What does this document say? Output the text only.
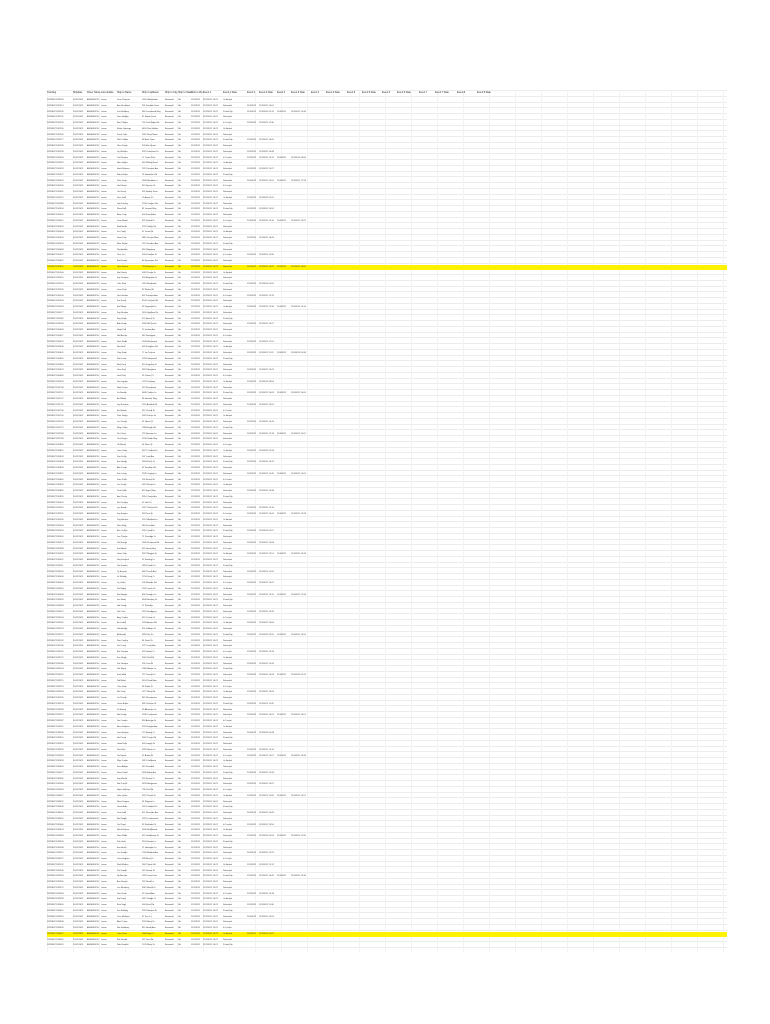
Tracking	Shipdate	Driver Name Last update	Ship to Name	Ship to Address	Ship to City Ship to State Ship to Zip Event 1	Event 1 Date	Event 2	Event 2 Date	Event 3	Event 3 Date	Event 4	Event 4 Date	Event 5	Event 5 Date	Event 6	Event 6 Date	Event 7	Event 7 Date	Event 8	Event 8 Date
1Z8V8977031209	10/12/2021	ANDERSON	Losan	Jane Prescott	1520 Hillside Ave	Bramwell	LA	11/2/2021	11/2/2021 10:22	Oc Arrival
1Z8V8977031214	10/12/2021	ANDERSON	Losan	Ann Buckland	221 Sundale Drive	Bramwell	LA	11/2/2021	11/2/2021 10:22	Delivered	11/3/2021	11/3/2021 14:01
1Z8V8977031226	10/12/2021	ANDERSON	Losan	Lois Bellamy	984 Crestwood Way	Bramwell	LA	11/2/2021	11/2/2021 10:22	Picked Up	11/3/2021	11/3/2021 09:15	11/4/2021	11/4/2021 12:40
1Z8V8977031231	10/12/2021	ANDERSON	Losan	Dora Hadley	31 Maple Court	Bramwell	LA	11/2/2021	11/2/2021 10:22	Delivered
1Z8V8977031245	10/12/2021	ANDERSON	Losan	Ben Tillman	702 Oak Ridge Rd	Bramwell	LA	11/2/2021	11/2/2021 10:22	In Transit	11/3/2021	11/3/2021 11:30
1Z8V8977031250	10/12/2021	ANDERSON	Losan	Marla Jennings	4450 Pine Hollow	Bramwell	LA	11/2/2021	11/2/2021 10:22	Oc Arrival
1Z8V8977031262	10/12/2021	ANDERSON	Losan	Frank Osei	1187 River Bend	Bramwell	LA	11/2/2021	11/2/2021 10:22	Delivered
1Z8V8977031277	10/12/2021	ANDERSON	Losan	Ruth Calder	68 Birch Lane	Bramwell	LA	11/2/2021	11/2/2021 10:22	Picked Up	11/3/2021	11/3/2021 16:05
1Z8V8977031283	10/12/2021	ANDERSON	Losan	Glen Pardo	905 Elm Street	Bramwell	LA	11/2/2021	11/2/2021 10:22	Delivered
1Z8V8977031298	10/12/2021	ANDERSON	Losan	Ivy Watkins	3322 Lakeview Dr	Bramwell	LA	11/2/2021	11/2/2021 10:22	Delivered	11/3/2021	11/3/2021 10:48
1Z8V8977031304	10/12/2021	ANDERSON	Losan	Carl Benton	17 Cedar Path	Bramwell	LA	11/2/2021	11/2/2021 10:22	In Transit	11/3/2021	11/3/2021 13:12	11/4/2021	11/4/2021 08:50
1Z8V8977031318	10/12/2021	ANDERSON	Losan	Nora Sykes	560 Willow Bend	Bramwell	LA	11/2/2021	11/2/2021 10:22	Oc Arrival
1Z8V8977031323	10/12/2021	ANDERSON	Losan	Hank Moreau	2291 Summit Ave	Bramwell	LA	11/2/2021	11/2/2021 10:22	Delivered	11/3/2021	11/3/2021 15:27
1Z8V8977031337	10/12/2021	ANDERSON	Losan	Edna Rowe	74 Hawthorn Rd	Bramwell	LA	11/2/2021	11/2/2021 10:22	Picked Up
1Z8V8977031342	10/12/2021	ANDERSON	Losan	Pete Lang	1840 Meadow Ln	Bramwell	LA	11/2/2021	11/2/2021 10:22	Delivered	11/3/2021	11/3/2021 12:02	11/4/2021	11/4/2021 17:33
1Z8V8977031356	10/12/2021	ANDERSON	Losan	Gail Norris	413 Spruce St	Bramwell	LA	11/2/2021	11/2/2021 10:22	In Transit
1Z8V8977031361	10/12/2021	ANDERSON	Losan	Otis Fenn	992 Harbor View	Bramwell	LA	11/2/2021	11/2/2021 10:22	Delivered
1Z8V8977031375	10/12/2021	ANDERSON	Losan	Vera Quill	15 Aspen Ct	Bramwell	LA	11/2/2021	11/2/2021 10:22	Oc Arrival	11/3/2021	11/3/2021 09:41
1Z8V8977031380	10/12/2021	ANDERSON	Losan	Lyle Dorsey	2700 Canyon Rd	Bramwell	LA	11/2/2021	11/2/2021 10:22	Delivered
1Z8V8977031394	10/12/2021	ANDERSON	Losan	Rosa Bell	81 Juniper Way	Bramwell	LA	11/2/2021	11/2/2021 10:22	Picked Up	11/3/2021	11/3/2021 14:55
1Z8V8977031401	10/12/2021	ANDERSON	Losan	Alan Crisp	604 Forest Ave	Bramwell	LA	11/2/2021	11/2/2021 10:22	Delivered
1Z8V8977031415	10/12/2021	ANDERSON	Losan	June Marsh	339 Poplar Dr	Bramwell	LA	11/2/2021	11/2/2021 10:22	In Transit	11/3/2021	11/3/2021 10:10	11/4/2021	11/4/2021 13:22
1Z8V8977031420	10/12/2021	ANDERSON	Losan	Walt Hinds	1255 Valley Rd	Bramwell	LA	11/2/2021	11/2/2021 10:22	Delivered
1Z8V8977031434	10/12/2021	ANDERSON	Losan	Iris Coyle	47 Laurel St	Bramwell	LA	11/2/2021	11/2/2021 10:22	Oc Arrival
1Z8V8977031449	10/12/2021	ANDERSON	Losan	Dean Parr	3810 Sunset Blvd	Bramwell	LA	11/2/2021	11/2/2021 10:22	Delivered	11/3/2021	11/3/2021 16:44
1Z8V8977031453	10/12/2021	ANDERSON	Losan	Mae Tolson	129 Chestnut Ave	Bramwell	LA	11/2/2021	11/2/2021 10:22	Picked Up
1Z8V8977031468	10/12/2021	ANDERSON	Losan	Roy Ambler	850 Ridgeway	Bramwell	LA	11/2/2021	11/2/2021 10:22	Delivered
1Z8V8977031472	10/12/2021	ANDERSON	Losan	Tess Orr	2034 Garden St	Bramwell	LA	11/2/2021	11/2/2021 10:22	In Transit	11/3/2021	11/3/2021 11:58
1Z8V8977031487	10/12/2021	ANDERSON	Losan	Bud Keane	66 Sycamore Rd	Bramwell	LA	11/2/2021	11/2/2021 10:22	Delivered
1Z8V8977031491	10/12/2021	ANDERSON	Losan	Opal Dunne	718 Hickory Ln	Bramwell	LA	11/2/2021	11/2/2021 10:22	Delivered	11/3/2021	11/3/2021 13:47	11/4/2021	11/4/2021 10:05
1Z8V8977031506	10/12/2021	ANDERSON	Losan	Neil Vance	4092 Prairie Dr	Bramwell	LA	11/2/2021	11/2/2021 10:22	Oc Arrival
1Z8V8977031510	10/12/2021	ANDERSON	Losan	Fay Gorman	233 Magnolia Ct	Bramwell	LA	11/2/2021	11/2/2021 10:22	Delivered
1Z8V8977031525	10/12/2021	ANDERSON	Losan	Cole Ruiz	1561 Brookside	Bramwell	LA	11/2/2021	11/2/2021 10:22	Picked Up	11/3/2021	11/3/2021 09:02
1Z8V8977031539	10/12/2021	ANDERSON	Losan	Lena Pratt	92 Walnut St	Bramwell	LA	11/2/2021	11/2/2021 10:22	Delivered
1Z8V8977031544	10/12/2021	ANDERSON	Losan	Gus Harlow	807 Fairview Ave	Bramwell	LA	11/2/2021	11/2/2021 10:22	In Transit	11/3/2021	11/3/2021 15:19
1Z8V8977031558	10/12/2021	ANDERSON	Losan	Zoe Faulk	3146 Orchard Rd	Bramwell	LA	11/2/2021	11/2/2021 10:22	Delivered
1Z8V8977031563	10/12/2021	ANDERSON	Losan	Earl Mays	58 Dogwood Ln	Bramwell	LA	11/2/2021	11/2/2021 10:22	Oc Arrival	11/3/2021	11/3/2021 12:36	11/4/2021	11/4/2021 14:14
1Z8V8977031577	10/12/2021	ANDERSON	Losan	Kay Bristow	1420 Highland Dr	Bramwell	LA	11/2/2021	11/2/2021 10:22	Delivered
1Z8V8977031582	10/12/2021	ANDERSON	Losan	Ray Sutter	275 Beech St	Bramwell	LA	11/2/2021	11/2/2021 10:22	Picked Up
1Z8V8977031596	10/12/2021	ANDERSON	Losan	Ada Kemp	3390 Mill Creek	Bramwell	LA	11/2/2021	11/2/2021 10:22	Delivered	11/3/2021	11/3/2021 10:27
1Z8V8977031603	10/12/2021	ANDERSON	Losan	Hugh Pell	19 Linden Ave	Bramwell	LA	11/2/2021	11/2/2021 10:22	Delivered
1Z8V8977031617	10/12/2021	ANDERSON	Losan	Nell Archer	942 Stonegate	Bramwell	LA	11/2/2021	11/2/2021 10:22	In Transit
1Z8V8977031622	10/12/2021	ANDERSON	Losan	Seth Rudd	2188 Westwood	Bramwell	LA	11/2/2021	11/2/2021 10:22	Delivered	11/3/2021	11/3/2021 17:01
1Z8V8977031636	10/12/2021	ANDERSON	Losan	Bea Holt	605 Foxglove Rd	Bramwell	LA	11/2/2021	11/2/2021 10:22	Oc Arrival
1Z8V8977031641	10/12/2021	ANDERSON	Losan	Clay Nunn	77 Ivy Terrace	Bramwell	LA	11/2/2021	11/2/2021 10:22	Delivered	11/3/2021	11/3/2021 11:11	11/4/2021	11/4/2021 09:38
1Z8V8977031655	10/12/2021	ANDERSON	Losan	Rita Lowe	1333 Glenwood	Bramwell	LA	11/2/2021	11/2/2021 10:22	Picked Up
1Z8V8977031660	10/12/2021	ANDERSON	Losan	Max Dorn	410 Kingsley St	Bramwell	LA	11/2/2021	11/2/2021 10:22	Delivered
1Z8V8977031674	10/12/2021	ANDERSON	Losan	Uma Fisk	2870 Bayshore	Bramwell	LA	11/2/2021	11/2/2021 10:22	Delivered	11/3/2021	11/3/2021 14:29
1Z8V8977031689	10/12/2021	ANDERSON	Losan	Joel Platt	53 Clover Ct	Bramwell	LA	11/2/2021	11/2/2021 10:22	In Transit
1Z8V8977031693	10/12/2021	ANDERSON	Losan	Sue Ingram	1702 Parkway	Bramwell	LA	11/2/2021	11/2/2021 10:22	Oc Arrival	11/3/2021	11/3/2021 08:56
1Z8V8977031708	10/12/2021	ANDERSON	Losan	Ned Carver	319 Rosewood	Bramwell	LA	11/2/2021	11/2/2021 10:22	Delivered
1Z8V8977031712	10/12/2021	ANDERSON	Losan	Liz Booker	4480 Timber Ln	Bramwell	LA	11/2/2021	11/2/2021 10:22	Picked Up	11/3/2021	11/3/2021 13:03	11/4/2021	11/4/2021 16:20
1Z8V8977031727	10/12/2021	ANDERSON	Losan	Art Wilder	86 Heather Way	Bramwell	LA	11/2/2021	11/2/2021 10:22	Delivered
1Z8V8977031731	10/12/2021	ANDERSON	Losan	Joy Ransom	1119 Ashford Rd	Bramwell	LA	11/2/2021	11/2/2021 10:22	Delivered	11/3/2021	11/3/2021 10:52
1Z8V8977031746	10/12/2021	ANDERSON	Losan	Ike Barlow	267 Orchid St	Bramwell	LA	11/2/2021	11/2/2021 10:22	In Transit
1Z8V8977031750	10/12/2021	ANDERSON	Losan	Pam Geary	3025 Falcon Dr	Bramwell	LA	11/2/2021	11/2/2021 10:22	Oc Arrival
1Z8V8977031765	10/12/2021	ANDERSON	Losan	Lou Tanner	41 Heron Ct	Bramwell	LA	11/2/2021	11/2/2021 10:22	Delivered	11/3/2021	11/3/2021 15:44
1Z8V8977031779	10/12/2021	ANDERSON	Losan	Meg Cullen	1588 Eagle Rd	Bramwell	LA	11/2/2021	11/2/2021 10:22	Picked Up
1Z8V8977031784	10/12/2021	ANDERSON	Losan	Vic Olson	752 Sparrow Ln	Bramwell	LA	11/2/2021	11/2/2021 10:22	Delivered	11/3/2021	11/3/2021 12:18	11/4/2021	11/4/2021 11:07
1Z8V8977031798	10/12/2021	ANDERSON	Losan	Tina Reyes	2209 Robin Way	Bramwell	LA	11/2/2021	11/2/2021 10:22	Delivered
1Z8V8977031805	10/12/2021	ANDERSON	Losan	Gil Marsh	94 Wren St	Bramwell	LA	11/2/2021	11/2/2021 10:22	In Transit
1Z8V8977031819	10/12/2021	ANDERSON	Losan	Cara Yates	3672 Cardinal Dr	Bramwell	LA	11/2/2021	11/2/2021 10:22	Oc Arrival	11/3/2021	11/3/2021 09:33
1Z8V8977031824	10/12/2021	ANDERSON	Losan	Don Fuller	507 Lark Ave	Bramwell	LA	11/2/2021	11/2/2021 10:22	Delivered
1Z8V8977031838	10/12/2021	ANDERSON	Losan	Eve Hardy	1834 Finch Ct	Bramwell	LA	11/2/2021	11/2/2021 10:22	Picked Up	11/3/2021	11/3/2021 16:12
1Z8V8977031843	10/12/2021	ANDERSON	Losan	Abe Turner	62 Swallow Rd	Bramwell	LA	11/2/2021	11/2/2021 10:22	Delivered
1Z8V8977031857	10/12/2021	ANDERSON	Losan	Kim Lacey	2945 Osprey Ln	Bramwell	LA	11/2/2021	11/2/2021 10:22	Delivered	11/3/2021	11/3/2021 11:49	11/4/2021	11/4/2021 15:02
1Z8V8977031862	10/12/2021	ANDERSON	Losan	Sam Pruitt	118 Kestrel St	Bramwell	LA	11/2/2021	11/2/2021 10:22	In Transit
1Z8V8977031876	10/12/2021	ANDERSON	Losan	Ora Jenks	1461 Plover Dr	Bramwell	LA	11/2/2021	11/2/2021 10:22	Oc Arrival
1Z8V8977031881	10/12/2021	ANDERSON	Losan	Tom Keller	827 Egret Way	Bramwell	LA	11/2/2021	11/2/2021 10:22	Delivered	11/3/2021	11/3/2021 13:38
1Z8V8977031895	10/12/2021	ANDERSON	Losan	Ann Pierce	3316 Crane Ave	Bramwell	LA	11/2/2021	11/2/2021 10:22	Picked Up
1Z8V8977031902	10/12/2021	ANDERSON	Losan	Rex Dunlap	45 Gull Ct	Bramwell	LA	11/2/2021	11/2/2021 10:22	Delivered
1Z8V8977031916	10/12/2021	ANDERSON	Losan	Lyn Baxter	2072 Pelican Rd	Bramwell	LA	11/2/2021	11/2/2021 10:22	Delivered	11/3/2021	11/3/2021 10:16
1Z8V8977031921	10/12/2021	ANDERSON	Losan	Jay Hooper	693 Tern St	Bramwell	LA	11/2/2021	11/2/2021 10:22	In Transit	11/3/2021	11/3/2021 14:41	11/4/2021	11/4/2021 12:28
1Z8V8977031935	10/12/2021	ANDERSON	Losan	Peg Morrow	1207 Bluebird Ln	Bramwell	LA	11/2/2021	11/2/2021 10:22	Oc Arrival
1Z8V8977031940	10/12/2021	ANDERSON	Losan	Wes Kirby	384 Dove Ave	Bramwell	LA	11/2/2021	11/2/2021 10:22	Delivered
1Z8V8977031954	10/12/2021	ANDERSON	Losan	Bev Collins	2519 Quail Dr	Bramwell	LA	11/2/2021	11/2/2021 10:22	Picked Up	11/3/2021	11/3/2021 09:57
1Z8V8977031969	10/12/2021	ANDERSON	Losan	Lee Thorne	71 Partridge Ct	Bramwell	LA	11/2/2021	11/2/2021 10:22	Delivered
1Z8V8977031973	10/12/2021	ANDERSON	Losan	Val Sharpe	1646 Pheasant Rd	Bramwell	LA	11/2/2021	11/2/2021 10:22	Delivered	11/3/2021	11/3/2021 15:08
1Z8V8977031988	10/12/2021	ANDERSON	Losan	Kurt Ames	935 Heron Bay	Bramwell	LA	11/2/2021	11/2/2021 10:22	In Transit
1Z8V8977031992	10/12/2021	ANDERSON	Losan	Gwen Tate	3187 Magpie St	Bramwell	LA	11/2/2021	11/2/2021 10:22	Oc Arrival	11/3/2021	11/3/2021 12:51	11/4/2021	11/4/2021 10:33
1Z8V8977032007	10/12/2021	ANDERSON	Losan	Roy Fenwick	52 Starling Ln	Bramwell	LA	11/2/2021	11/2/2021 10:22	Delivered
1Z8V8977032011	10/12/2021	ANDERSON	Losan	Dot Kramer	1893 Oriole Dr	Bramwell	LA	11/2/2021	11/2/2021 10:22	Picked Up
1Z8V8977032026	10/12/2021	ANDERSON	Losan	Ty Bannon	468 Thrush Ave	Bramwell	LA	11/2/2021	11/2/2021 10:22	Delivered	11/3/2021	11/3/2021 11:24
1Z8V8977032030	10/12/2021	ANDERSON	Losan	Jo Whitley	2754 Vireo Ct	Bramwell	LA	11/2/2021	11/2/2021 10:22	Delivered
1Z8V8977032045	10/12/2021	ANDERSON	Losan	Cy Gallo	109 Warbler Rd	Bramwell	LA	11/2/2021	11/2/2021 10:22	In Transit	11/3/2021	11/3/2021 16:37
1Z8V8977032059	10/12/2021	ANDERSON	Losan	Flo Rigby	1532 Junco St	Bramwell	LA	11/2/2021	11/2/2021 10:22	Oc Arrival
1Z8V8977032064	10/12/2021	ANDERSON	Losan	Mel Hogan	806 Tanager Ln	Bramwell	LA	11/2/2021	11/2/2021 10:22	Delivered	11/3/2021	11/3/2021 13:15	11/4/2021	11/4/2021 17:46
1Z8V8977032078	10/12/2021	ANDERSON	Losan	Ina Sloan	3448 Bunting Dr	Bramwell	LA	11/2/2021	11/2/2021 10:22	Picked Up
1Z8V8977032083	10/12/2021	ANDERSON	Losan	Hal Grady	27 Pipit Ave	Bramwell	LA	11/2/2021	11/2/2021 10:22	Delivered
1Z8V8977032097	10/12/2021	ANDERSON	Losan	Sal Ortiz	2163 Sandpiper	Bramwell	LA	11/2/2021	11/2/2021 10:22	Delivered	11/3/2021	11/3/2021 10:39
1Z8V8977032104	10/12/2021	ANDERSON	Losan	Amy Corbin	674 Curlew Ct	Bramwell	LA	11/2/2021	11/2/2021 10:22	In Transit
1Z8V8977032118	10/12/2021	ANDERSON	Losan	Bo Lindell	1399 Avocet Rd	Bramwell	LA	11/2/2021	11/2/2021 10:22	Oc Arrival	11/3/2021	11/3/2021 14:06
1Z8V8977032123	10/12/2021	ANDERSON	Losan	Deb Ashby	351 Killdeer St	Bramwell	LA	11/2/2021	11/2/2021 10:22	Delivered
1Z8V8977032137	10/12/2021	ANDERSON	Losan	Al Moody	2826 Ibis Ln	Bramwell	LA	11/2/2021	11/2/2021 10:22	Picked Up	11/3/2021	11/3/2021 09:20	11/4/2021	11/4/2021 13:55
1Z8V8977032142	10/12/2021	ANDERSON	Losan	Rae Conley	84 Stork Dr	Bramwell	LA	11/2/2021	11/2/2021 10:22	Delivered
1Z8V8977032156	10/12/2021	ANDERSON	Losan	Vin Cross	1715 Loon Ave	Bramwell	LA	11/2/2021	11/2/2021 10:22	Delivered
1Z8V8977032161	10/12/2021	ANDERSON	Losan	Em Dawson	493 Grebe Ct	Bramwell	LA	11/2/2021	11/2/2021 10:22	In Transit	11/3/2021	11/3/2021 15:33
1Z8V8977032175	10/12/2021	ANDERSON	Losan	Ken Boyle	3061 Rail Rd	Bramwell	LA	11/2/2021	11/2/2021 10:22	Oc Arrival
1Z8V8977032180	10/12/2021	ANDERSON	Losan	Pat Gilmore	136 Coot St	Bramwell	LA	11/2/2021	11/2/2021 10:22	Delivered	11/3/2021	11/3/2021 12:44
1Z8V8977032194	10/12/2021	ANDERSON	Losan	Ula Wynn	1984 Bittern Ln	Bramwell	LA	11/2/2021	11/2/2021 10:22	Picked Up
1Z8V8977032201	10/12/2021	ANDERSON	Losan	Fred Hale	727 Gannet Dr	Bramwell	LA	11/2/2021	11/2/2021 10:22	Delivered	11/3/2021	11/3/2021 10:58	11/4/2021	11/4/2021 09:12
1Z8V8977032215	10/12/2021	ANDERSON	Losan	Sid Blake	2403 Petrel Ave	Bramwell	LA	11/2/2021	11/2/2021 10:22	Delivered
1Z8V8977032220	10/12/2021	ANDERSON	Losan	Cleo Vane	58 Puffin Ct	Bramwell	LA	11/2/2021	11/2/2021 10:22	In Transit
1Z8V8977032234	10/12/2021	ANDERSON	Losan	Mo Truitt	1277 Skua Rd	Bramwell	LA	11/2/2021	11/2/2021 10:22	Oc Arrival	11/3/2021	11/3/2021 16:26
1Z8V8977032249	10/12/2021	ANDERSON	Losan	Liv Parrish	342 Shearwater	Bramwell	LA	11/2/2021	11/2/2021 10:22	Delivered
1Z8V8977032253	10/12/2021	ANDERSON	Losan	Ozzie Burke	3619 Fulmar St	Bramwell	LA	11/2/2021	11/2/2021 10:22	Picked Up	11/3/2021	11/3/2021 11:42
1Z8V8977032268	10/12/2021	ANDERSON	Losan	Kit Emery	91 Albatross Ln	Bramwell	LA	11/2/2021	11/2/2021 10:22	Delivered
1Z8V8977032272	10/12/2021	ANDERSON	Losan	Nan Foley	1548 Cormorant	Bramwell	LA	11/2/2021	11/2/2021 10:22	Delivered	11/3/2021	11/3/2021 13:29	11/4/2021	11/4/2021 16:51
1Z8V8977032287	10/12/2021	ANDERSON	Losan	Jim Coates	816 Anhinga Dr	Bramwell	LA	11/2/2021	11/2/2021 10:22	In Transit
1Z8V8977032291	10/12/2021	ANDERSON	Losan	Bess Noonan	2931 Frigate Ave	Bramwell	LA	11/2/2021	11/2/2021 10:22	Oc Arrival
1Z8V8977032306	10/12/2021	ANDERSON	Losan	Lew Harmon	175 Booby Ct	Bramwell	LA	11/2/2021	11/2/2021 10:22	Delivered	11/3/2021	11/3/2021 09:48
1Z8V8977032310	10/12/2021	ANDERSON	Losan	Ida Pruett	1662 Tropic Rd	Bramwell	LA	11/2/2021	11/2/2021 10:22	Picked Up
1Z8V8977032325	10/12/2021	ANDERSON	Losan	Gabe Roth	409 Jaeger St	Bramwell	LA	11/2/2021	11/2/2021 10:22	Delivered
1Z8V8977032339	10/12/2021	ANDERSON	Losan	Rue Ellis	3285 Murre Ln	Bramwell	LA	11/2/2021	11/2/2021 10:22	Delivered	11/3/2021	11/3/2021 15:16
1Z8V8977032344	10/12/2021	ANDERSON	Losan	Ted Lyons	67 Auklet Dr	Bramwell	LA	11/2/2021	11/2/2021 10:22	In Transit	11/3/2021	11/3/2021 12:07	11/4/2021	11/4/2021 14:39
1Z8V8977032358	10/12/2021	ANDERSON	Losan	Wyn Castro	1813 Guillemot	Bramwell	LA	11/2/2021	11/2/2021 10:22	Oc Arrival
1Z8V8977032363	10/12/2021	ANDERSON	Losan	Fern Aldous	542 Razorbill	Bramwell	LA	11/2/2021	11/2/2021 10:22	Delivered
1Z8V8977032377	10/12/2021	ANDERSON	Losan	Ross Duval	2690 Eider Ave	Bramwell	LA	11/2/2021	11/2/2021 10:22	Picked Up	11/3/2021	11/3/2021 10:34
1Z8V8977032382	10/12/2021	ANDERSON	Losan	Kay Merritt	123 Scoter Ct	Bramwell	LA	11/2/2021	11/2/2021 10:22	Delivered
1Z8V8977032396	10/12/2021	ANDERSON	Losan	Nat Purcell	1456 Merganser	Bramwell	LA	11/2/2021	11/2/2021 10:22	Delivered	11/3/2021	11/3/2021 14:22
1Z8V8977032403	10/12/2021	ANDERSON	Losan	Hope Sterling	798 Teal Rd	Bramwell	LA	11/2/2021	11/2/2021 10:22	In Transit
1Z8V8977032417	10/12/2021	ANDERSON	Losan	Dale Quinn	3072 Pintail St	Bramwell	LA	11/2/2021	11/2/2021 10:22	Oc Arrival	11/3/2021	11/3/2021 11:03	11/4/2021	11/4/2021 12:57
1Z8V8977032422	10/12/2021	ANDERSON	Losan	Mara Teague	34 Wigeon Ln	Bramwell	LA	11/2/2021	11/2/2021 10:22	Delivered
1Z8V8977032436	10/12/2021	ANDERSON	Losan	Gene Ashe	1921 Gadwall Dr	Bramwell	LA	11/2/2021	11/2/2021 10:22	Picked Up
1Z8V8977032441	10/12/2021	ANDERSON	Losan	Tara Kidd	657 Shoveler Ave	Bramwell	LA	11/2/2021	11/2/2021 10:22	Delivered	11/3/2021	11/3/2021 16:49
1Z8V8977032455	10/12/2021	ANDERSON	Losan	Bert Nagle	2378 Canvasback	Bramwell	LA	11/2/2021	11/2/2021 10:22	Delivered
1Z8V8977032460	10/12/2021	ANDERSON	Losan	Lila Pope	82 Redhead Ct	Bramwell	LA	11/2/2021	11/2/2021 10:22	In Transit	11/3/2021	11/3/2021 13:54
1Z8V8977032474	10/12/2021	ANDERSON	Losan	Mack Rowan	1609 Bufflehead	Bramwell	LA	11/2/2021	11/2/2021 10:22	Oc Arrival
1Z8V8977032489	10/12/2021	ANDERSON	Losan	Sara Wolfe	425 Goldeneye St	Bramwell	LA	11/2/2021	11/2/2021 10:22	Delivered	11/3/2021	11/3/2021 09:26	11/4/2021	11/4/2021 11:18
1Z8V8977032493	10/12/2021	ANDERSON	Losan	Dirk Hale	3154 Smew Ln	Bramwell	LA	11/2/2021	11/2/2021 10:22	Picked Up
1Z8V8977032508	10/12/2021	ANDERSON	Losan	Ena Brock	71 Harlequin Dr	Bramwell	LA	11/2/2021	11/2/2021 10:22	Delivered
1Z8V8977032512	10/12/2021	ANDERSON	Losan	Lon Fielder	1786 Mallard Ave	Bramwell	LA	11/2/2021	11/2/2021 10:22	Delivered	11/3/2021	11/3/2021 15:37
1Z8V8977032527	10/12/2021	ANDERSON	Losan	Cass Hughes	538 Brant Ct	Bramwell	LA	11/2/2021	11/2/2021 10:22	In Transit
1Z8V8977032531	10/12/2021	ANDERSON	Losan	Rod Whalen	2647 Swan Rd	Bramwell	LA	11/2/2021	11/2/2021 10:22	Oc Arrival	11/3/2021	11/3/2021 12:12
1Z8V8977032546	10/12/2021	ANDERSON	Losan	Pia Goode	149 Goose St	Bramwell	LA	11/2/2021	11/2/2021 10:22	Delivered
1Z8V8977032550	10/12/2021	ANDERSON	Losan	Hy Benson	1394 Loon Lake	Bramwell	LA	11/2/2021	11/2/2021 10:22	Picked Up	11/3/2021	11/3/2021 10:45	11/4/2021	11/4/2021 15:30
1Z8V8977032565	10/12/2021	ANDERSON	Losan	Ava Strand	762 Reed Ln	Bramwell	LA	11/2/2021	11/2/2021 10:22	Delivered
1Z8V8977032579	10/12/2021	ANDERSON	Losan	Les Manning	3019 Marsh Dr	Bramwell	LA	11/2/2021	11/2/2021 10:22	Delivered
1Z8V8977032584	10/12/2021	ANDERSON	Losan	Una Greer	95 Cattail Ave	Bramwell	LA	11/2/2021	11/2/2021 10:22	In Transit	11/3/2021	11/3/2021 14:18
1Z8V8977032598	10/12/2021	ANDERSON	Losan	Kip Doyle	1857 Sedge Ct	Bramwell	LA	11/2/2021	11/2/2021 10:22	Oc Arrival
1Z8V8977032605	10/12/2021	ANDERSON	Losan	Elsa Vogt	604 Rush Rd	Bramwell	LA	11/2/2021	11/2/2021 10:22	Delivered	11/3/2021	11/3/2021 11:36
1Z8V8977032619	10/12/2021	ANDERSON	Losan	Jon Rafferty	2281 Bulrush St	Bramwell	LA	11/2/2021	11/2/2021 10:22	Picked Up
1Z8V8977032624	10/12/2021	ANDERSON	Losan	Tess Morland	47 Fen Ln	Bramwell	LA	11/2/2021	11/2/2021 10:22	Delivered	11/3/2021	11/3/2021 13:59
1Z8V8977032638	10/12/2021	ANDERSON	Losan	Abel Crane	1532 Moor Dr	Bramwell	LA	11/2/2021	11/2/2021 10:22	Delivered
1Z8V8977032643	10/12/2021	ANDERSON	Losan	Nia Holloway	819 Heath Ave	Bramwell	LA	11/2/2021	11/2/2021 10:22	In Transit
1Z8V8977032657	10/12/2021	ANDERSON	Losan	Luke Penn	3366 Bog Ct	Bramwell	LA	11/2/2021	11/2/2021 10:22	Oc Arrival	11/3/2021	11/3/2021 09:07
1Z8V8977032662	10/12/2021	ANDERSON	Losan	Ella Stroud	112 Tarn Rd	Bramwell	LA	11/2/2021	11/2/2021 10:22	Delivered
1Z8V8977032676	10/12/2021	ANDERSON	Losan	Rob Kendall	1745 Mere St	Bramwell	LA	11/2/2021	11/2/2021 10:22	Picked Up
